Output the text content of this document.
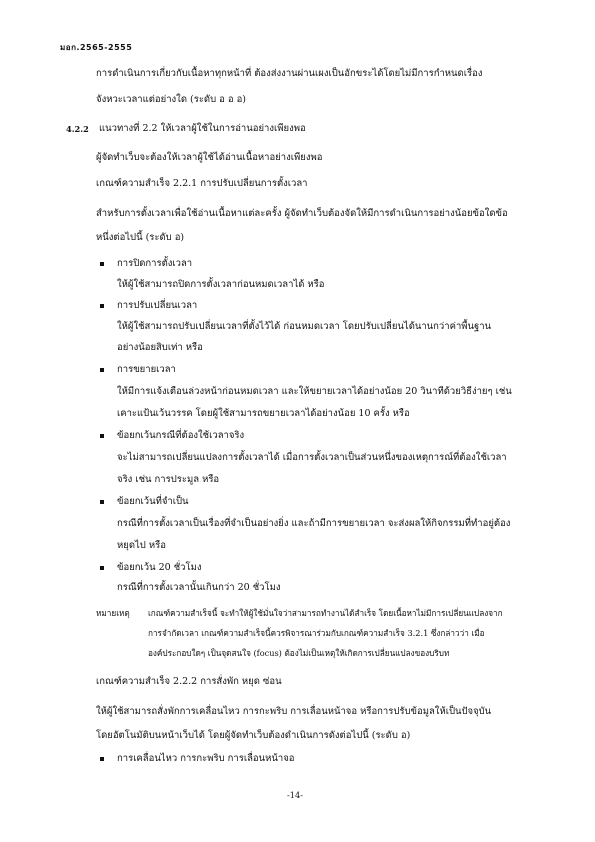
มอก.2565-2555
การดำเนินการเกี่ยวกับเนื้อหาทุกหน้าที่ ต้องส่งงานผ่านเผงเป็นอักขระได้โดยไม่มีการกำหนดเรื่อง
จังหวะเวลาแต่อย่างใด (ระดับ อ อ อ)
4.2.2 แนวทางที่ 2.2 ให้เวลาผู้ใช้ในการอ่านอย่างเพียงพอ
ผู้จัดทำเว็บจะต้องให้เวลาผู้ใช้ได้อ่านเนื้อหาอย่างเพียงพอ
เกณฑ์ความสำเร็จ 2.2.1 การปรับเปลี่ยนการตั้งเวลา
สำหรับการตั้งเวลาเพื่อใช้อ่านเนื้อหาแต่ละครั้ง ผู้จัดทำเว็บต้องจัดให้มีการดำเนินการอย่างน้อยข้อใดข้อ
หนึ่งต่อไปนี้ (ระดับ อ)
การปิดการตั้งเวลา
ให้ผู้ใช้สามารถปิดการตั้งเวลาก่อนหมดเวลาได้ หรือ
การปรับเปลี่ยนเวลา
ให้ผู้ใช้สามารถปรับเปลี่ยนเวลาที่ตั้งไว้ได้ ก่อนหมดเวลา โดยปรับเปลี่ยนได้นานกว่าค่าพื้นฐาน
อย่างน้อยสิบเท่า หรือ
การขยายเวลา
ให้มีการแจ้งเตือนล่วงหน้าก่อนหมดเวลา และให้ขยายเวลาได้อย่างน้อย 20 วินาทีด้วยวิธีง่ายๆ เช่น
เคาะแป้นเว้นวรรค โดยผู้ใช้สามารถขยายเวลาได้อย่างน้อย 10 ครั้ง หรือ
ข้อยกเว้นกรณีที่ต้องใช้เวลาจริง
จะไม่สามารถเปลี่ยนแปลงการตั้งเวลาได้ เมื่อการตั้งเวลาเป็นส่วนหนึ่งของเหตุการณ์ที่ต้องใช้เวลา
จริง เช่น การประมูล หรือ
ข้อยกเว้นที่จำเป็น
กรณีที่การตั้งเวลาเป็นเรื่องที่จำเป็นอย่างยิ่ง และถ้ามีการขยายเวลา จะส่งผลให้กิจกรรมที่ทำอยู่ต้อง
หยุดไป หรือ
ข้อยกเว้น 20 ชั่วโมง
กรณีที่การตั้งเวลานั้นเกินกว่า 20 ชั่วโมง
หมายเหตุ เกณฑ์ความสำเร็จนี้ จะทำให้ผู้ใช้มั่นใจว่าสามารถทำงานได้สำเร็จ โดยเนื้อหาไม่มีการเปลี่ยนแปลงจาก
การจำกัดเวลา เกณฑ์ความสำเร็จนี้ควรพิจารณาร่วมกับเกณฑ์ความสำเร็จ 3.2.1 ซึ่งกล่าวว่า เมื่อ
องค์ประกอบใดๆ เป็นจุดสนใจ (focus) ต้องไม่เป็นเหตุให้เกิดการเปลี่ยนแปลงของบริบท
เกณฑ์ความสำเร็จ 2.2.2 การสั่งพัก หยุด ซ่อน
ให้ผู้ใช้สามารถสั่งพักการเคลื่อนไหว การกะพริบ การเลื่อนหน้าจอ หรือการปรับข้อมูลให้เป็นปัจจุบัน
โดยอัตโนมัติบนหน้าเว็บได้ โดยผู้จัดทำเว็บต้องดำเนินการดังต่อไปนี้ (ระดับ อ)
การเคลื่อนไหว การกะพริบ การเลื่อนหน้าจอ
-14-
